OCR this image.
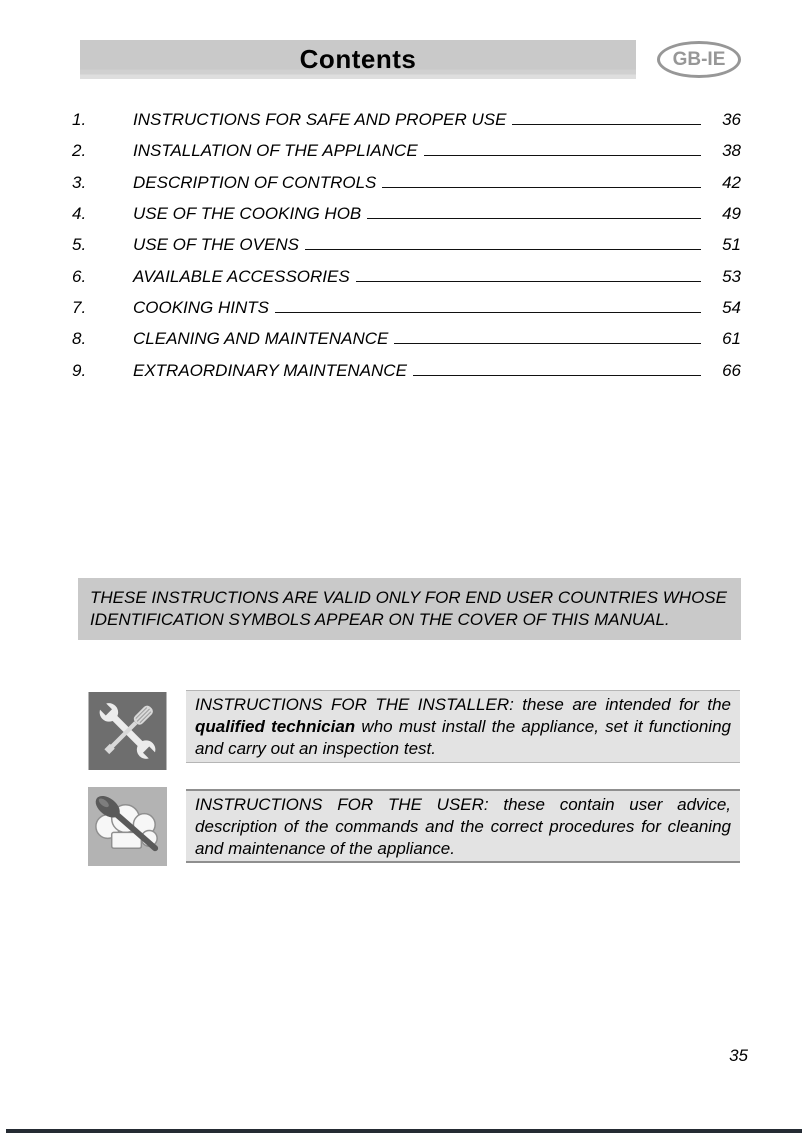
Contents	GB-IE
1.	INSTRUCTIONS FOR SAFE AND PROPER USE	36
2.	INSTALLATION OF THE APPLIANCE	38
3.	DESCRIPTION OF CONTROLS	42
4.	USE OF THE COOKING HOB	49
5.	USE OF THE OVENS	51
6.	AVAILABLE ACCESSORIES	53
7.	COOKING HINTS	54
8.	CLEANING AND MAINTENANCE	61
9.	EXTRAORDINARY MAINTENANCE	66
THESE INSTRUCTIONS ARE VALID ONLY FOR END USER COUNTRIES WHOSE IDENTIFICATION SYMBOLS APPEAR ON THE COVER OF THIS MANUAL.
INSTRUCTIONS FOR THE INSTALLER: these are intended for the qualified technician who must install the appliance, set it functioning and carry out an inspection test.
INSTRUCTIONS FOR THE USER: these contain user advice, description of the commands and the correct procedures for cleaning and maintenance of the appliance.
35
